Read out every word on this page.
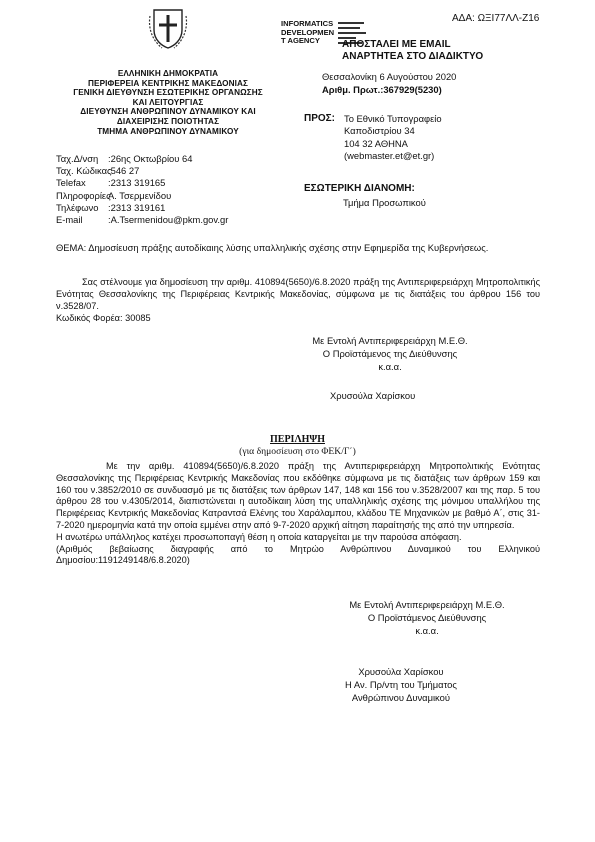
ΕΛΛΗΝΙΚΗ ΔΗΜΟΚΡΑΤΙΑ
ΠΕΡΙΦΕΡΕΙΑ ΚΕΝΤΡΙΚΗΣ ΜΑΚΕΔΟΝΙΑΣ
ΓΕΝΙΚΗ ΔΙΕΥΘΥΝΣΗ ΕΣΩΤΕΡΙΚΗΣ ΟΡΓΑΝΩΣΗΣ
ΚΑΙ ΛΕΙΤΟΥΡΓΙΑΣ
ΔΙΕΥΘΥΝΣΗ ΑΝΘΡΩΠΙΝΟΥ ΔΥΝΑΜΙΚΟΥ ΚΑΙ
ΔΙΑΧΕΙΡΙΣΗΣ ΠΟΙΟΤΗΤΑΣ
ΤΜΗΜΑ ΑΝΘΡΩΠΙΝΟΥ ΔΥΝΑΜΙΚΟΥ
INFORMATICS
DEVELOPMEN
T AGENCY
ΑΔΑ: ΩΞΙ77ΛΛ-Ζ16
ΑΠΟΣΤΑΛΕΙ ΜΕ EMAIL
ΑΝΑΡΤΗΤΕΑ ΣΤΟ ΔΙΑΔΙΚΤΥΟ
Θεσσαλονίκη 6 Αυγούστου 2020
Αριθμ. Πρωτ.:367929(5230)
ΠΡΟΣ: Το Εθνικό Τυπογραφείο
Καποδιστρίου 34
104 32 ΑΘΗΝΑ
(webmaster.et@et.gr)
ΕΣΩΤΕΡΙΚΗ ΔΙΑΝΟΜΗ:
Τμήμα Προσωπικού
Ταχ.Δ/νση :26ης Οκτωβρίου 64
Ταχ. Κώδικας:546 27
Telefax :2313 319165
ΠληροφορίεςΑ. Τσερμενίδου
Τηλέφωνο :2313 319161
E-mail	:A.Tsermenidou@pkm.gov.gr
ΘΕΜΑ: Δημοσίευση πράξης αυτοδίκαιης λύσης υπαλληλικής σχέσης στην Εφημερίδα της Κυβερνήσεως.
Σας στέλνουμε για δημοσίευση την αριθμ. 410894(5650)/6.8.2020 πράξη της Αντιπεριφερειάρχη Μητροπολιτικής Ενότητας Θεσσαλονίκης της Περιφέρειας Κεντρικής Μακεδονίας, σύμφωνα με τις διατάξεις του άρθρου 156 του ν.3528/07.
Κωδικός Φορέα: 30085
Με Εντολή Αντιπεριφερειάρχη Μ.Ε.Θ.
Ο Προϊστάμενος της Διεύθυνσης
κ.α.α.
Χρυσούλα Χαρίσκου
ΠΕΡΙΛΗΨΗ
(για δημοσίευση στο ΦΕΚ/Γ΄)

Με την αριθμ. 410894(5650)/6.8.2020 πράξη της Αντιπεριφερειάρχη Μητροπολιτικής Ενότητας Θεσσαλονίκης της Περιφέρειας Κεντρικής Μακεδονίας που εκδόθηκε σύμφωνα με τις διατάξεις των άρθρων 159 και 160 του ν.3852/2010 σε συνδυασμό με τις διατάξεις των άρθρων 147, 148 και 156 του ν.3528/2007 και της παρ. 5 του άρθρου 28 του ν.4305/2014, διαπιστώνεται η αυτοδίκαιη λύση της υπαλληλικής σχέσης της μόνιμου υπαλλήλου της Περιφέρειας Κεντρικής Μακεδονίας Κατραντσά Ελένης του Χαράλαμπου, κλάδου ΤΕ Μηχανικών με βαθμό Α΄, στις 31-7-2020 ημερομηνία κατά την οποία εμμένει στην από 9-7-2020 αρχική αίτηση παραίτησής της από την υπηρεσία.

Η ανωτέρω υπάλληλος κατέχει προσωποπαγή θέση η οποία καταργείται με την παρούσα απόφαση.

(Αριθμός βεβαίωσης διαγραφής από το Μητρώο Ανθρώπινου Δυναμικού του Ελληνικού Δημοσίου:1191249148/6.8.2020)

Με Εντολή Αντιπεριφερειάρχη Μ.Ε.Θ.
Ο Προϊστάμενος Διεύθυνσης
κ.α.α.
Χρυσούλα Χαρίσκου
Η Αν. Πρ/ντη του Τμήματος
Ανθρώπινου Δυναμικού
